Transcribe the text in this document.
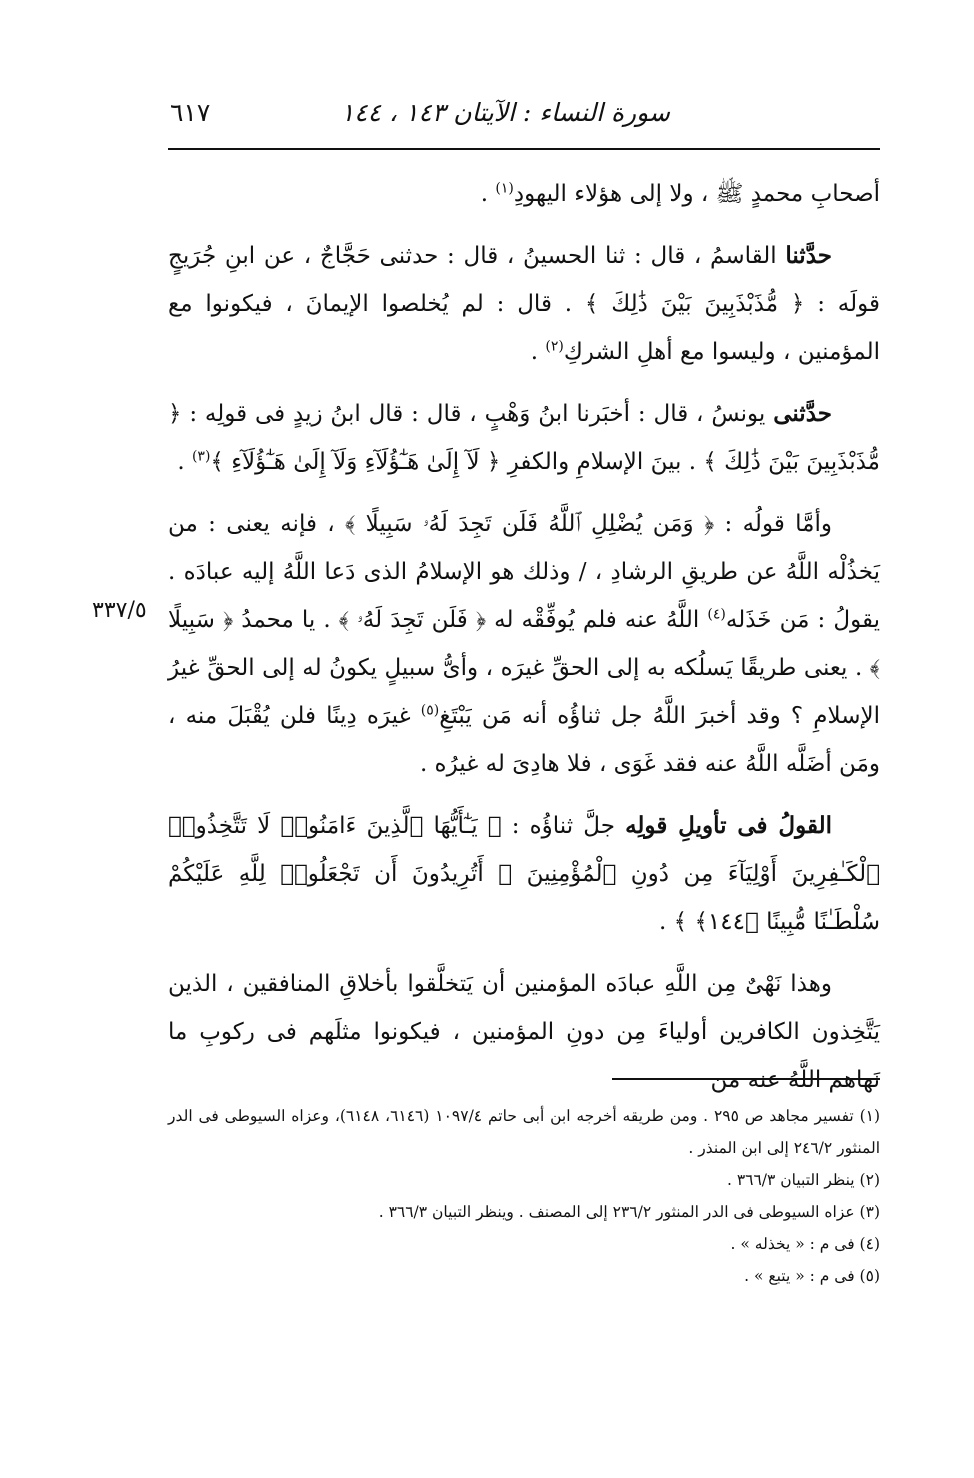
سورة النساء : الآيتان ١٤٣ ، ١٤٤
٦١٧
٣٣٧/٥

أصحابِ محمدٍ ﷺ ، ولا إلى هؤلاء اليهودِ$^{(١)}$ .

حدَّثنا القاسمُ ، قال : ثنا الحسينُ ، قال : حدثنى حَجَّاجٌ ، عن ابنِ جُرَيجٍ قولَه : ﴿ مُّذَبْذَبِينَ بَيْنَ ذَٰلِكَ ﴾ . قال : لم يُخلصوا الإيمانَ ، فيكونوا مع المؤمنين ، وليسوا مع أهلِ الشركِ$^{(٢)}$ .

حدَّثنى يونسُ ، قال : أخبَرنا ابنُ وَهْبٍ ، قال : قال ابنُ زيدٍ فى قولِه : ﴿ مُّذَبْذَبِينَ بَيْنَ ذَٰلِكَ ﴾ . بينَ الإسلامِ والكفرِ ﴿ لَآ إِلَىٰ هَـٰٓؤُلَآءِ وَلَآ إِلَىٰ هَـٰٓؤُلَآءِ ﴾$^{(٣)}$ .

وأمَّا قولُه : ﴿ وَمَن يُضْلِلِ ٱللَّهُ فَلَن تَجِدَ لَهُۥ سَبِيلًا ﴾ ، فإنه يعنى : من يَخذُلْه اللَّهُ عن طريقِ الرشادِ ، / وذلك هو الإسلامُ الذى دَعا اللَّهُ إليه عبادَه . يقولُ : مَن خَذَله$^{(٤)}$ اللَّهُ عنه فلم يُوفِّقْه له ﴿ فَلَن تَجِدَ لَهُۥ ﴾ . يا محمدُ ﴿ سَبِيلًا ﴾ . يعنى طريقًا يَسلُكه به إلى الحقِّ غيرَه ، وأىُّ سبيلٍ يكونُ له إلى الحقِّ غيرُ الإسلامِ ؟ وقد أخبرَ اللَّهُ جل ثناؤُه أنه مَن يَبْتَغِ$^{(٥)}$ غيرَه دِينًا فلن يُقْبَلَ منه ، ومَن أضَلَّه اللَّهُ عنه فقد غَوَى ، فلا هادِىَ له غيرُه .

القولُ فى تأويلِ قولِه جلَّ ثناؤُه : ﴿ يَـٰٓأَيُّهَا ٱلَّذِينَ ءَامَنُوا۟ لَا تَتَّخِذُوا۟ ٱلْكَـٰفِرِينَ أَوْلِيَآءَ مِن دُونِ ٱلْمُؤْمِنِينَ ۚ أَتُرِيدُونَ أَن تَجْعَلُوا۟ لِلَّهِ عَلَيْكُمْ سُلْطَـٰنًا مُّبِينًا ﴿١٤٤﴾ ﴾ .

وهذا نَهْىٌ مِن اللَّهِ عبادَه المؤمنين أن يَتخلَّقوا بأخلاقِ المنافقين ، الذين يَتَّخِذون الكافرين أولياءَ مِن دونِ المؤمنين ، فيكونوا مثلَهم فى ركوبِ ما نَهاهم اللَّهُ عنه من

(١) تفسير مجاهد ص ٢٩٥ . ومن طريقه أخرجه ابن أبى حاتم ١٠٩٧/٤ (٦١٤٦، ٦١٤٨)، وعزاه السيوطى فى الدر المنثور ٢٤٦/٢ إلى ابن المنذر .

(٢) ينظر التبيان ٣٦٦/٣ .

(٣) عزاه السيوطى فى الدر المنثور ٢٣٦/٢ إلى المصنف . وينظر التبيان ٣٦٦/٣ .

(٤) فى م : « يخذله » .

(٥) فى م : « يتبع » .
